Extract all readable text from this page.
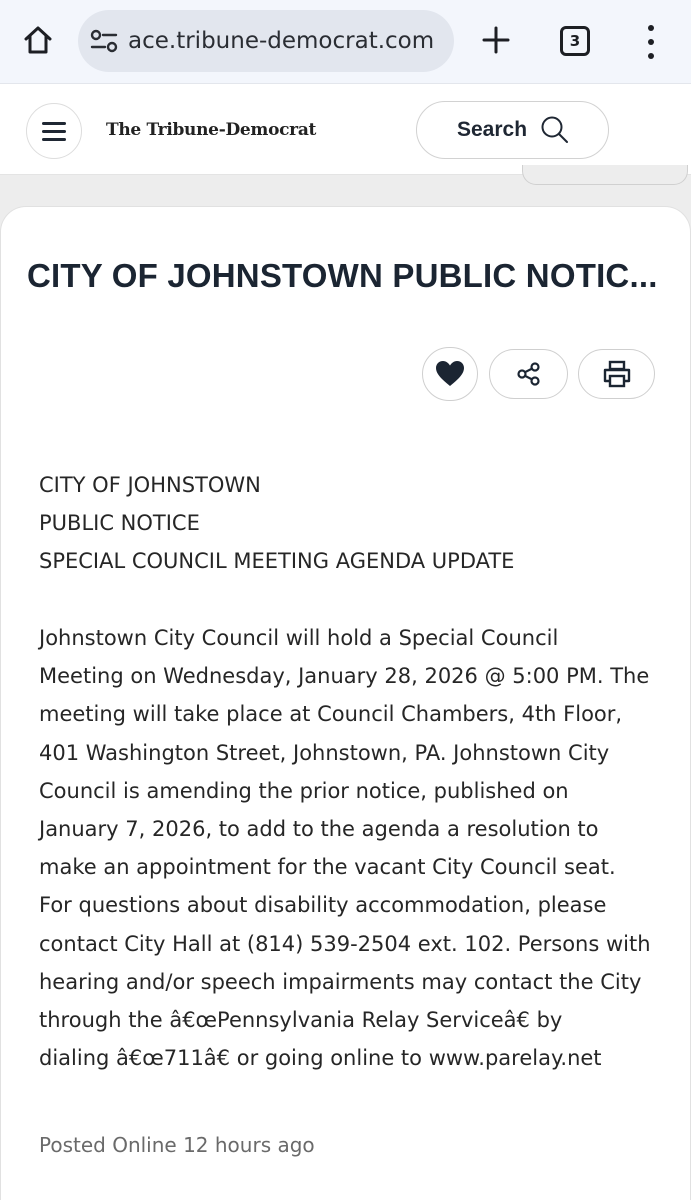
ace.tribune-democrat.com	3
The Tribune-Democrat	Search
CITY OF JOHNSTOWN PUBLIC NOTIC...
CITY OF JOHNSTOWN
PUBLIC NOTICE
SPECIAL COUNCIL MEETING AGENDA UPDATE
Johnstown City Council will hold a Special Council
Meeting on Wednesday, January 28, 2026 @ 5:00 PM. The
meeting will take place at Council Chambers, 4th Floor,
401 Washington Street, Johnstown, PA. Johnstown City
Council is amending the prior notice, published on
January 7, 2026, to add to the agenda a resolution to
make an appointment for the vacant City Council seat.
For questions about disability accommodation, please
contact City Hall at (814) 539-2504 ext. 102. Persons with
hearing and/or speech impairments may contact the City
through the â€œPennsylvania Relay Serviceâ€ by
dialing â€œ711â€ or going online to www.parelay.net
Posted Online 12 hours ago
